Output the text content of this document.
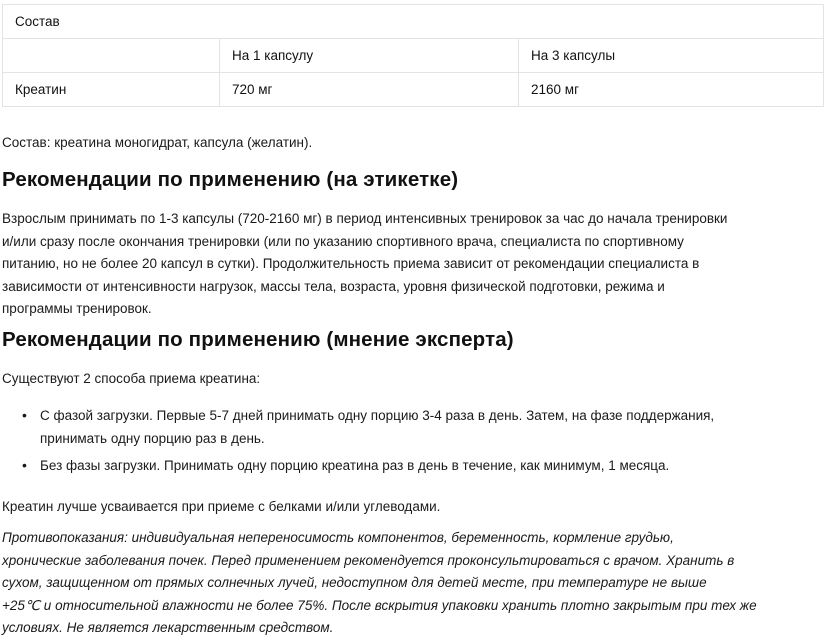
Состав		
	На 1 капсулу	На 3 капсулы
Креатин	720 мг	2160 мг
Состав: креатина моногидрат, капсула (желатин).
Рекомендации по применению (на этикетке)
Взрослым принимать по 1-3 капсулы (720-2160 мг) в период интенсивных тренировок за час до начала тренировки
и/или сразу после окончания тренировки (или по указанию спортивного врача, специалиста по спортивному
питанию, но не более 20 капсул в сутки). Продолжительность приема зависит от рекомендации специалиста в
зависимости от интенсивности нагрузок, массы тела, возраста, уровня физической подготовки, режима и
программы тренировок.
Рекомендации по применению (мнение эксперта)
Существуют 2 способа приема креатина:
• С фазой загрузки. Первые 5-7 дней принимать одну порцию 3-4 раза в день. Затем, на фазе поддержания,
принимать одну порцию раз в день.
• Без фазы загрузки. Принимать одну порцию креатина раз в день в течение, как минимум, 1 месяца.
Креатин лучше усваивается при приеме с белками и/или углеводами.
Противопоказания: индивидуальная непереносимость компонентов, беременность, кормление грудью,
хронические заболевания почек. Перед применением рекомендуется проконсультироваться с врачом. Хранить в
сухом, защищенном от прямых солнечных лучей, недоступном для детей месте, при температуре не выше
+25℃ и относительной влажности не более 75%. После вскрытия упаковки хранить плотно закрытым при тех же
условиях. Не является лекарственным средством.
